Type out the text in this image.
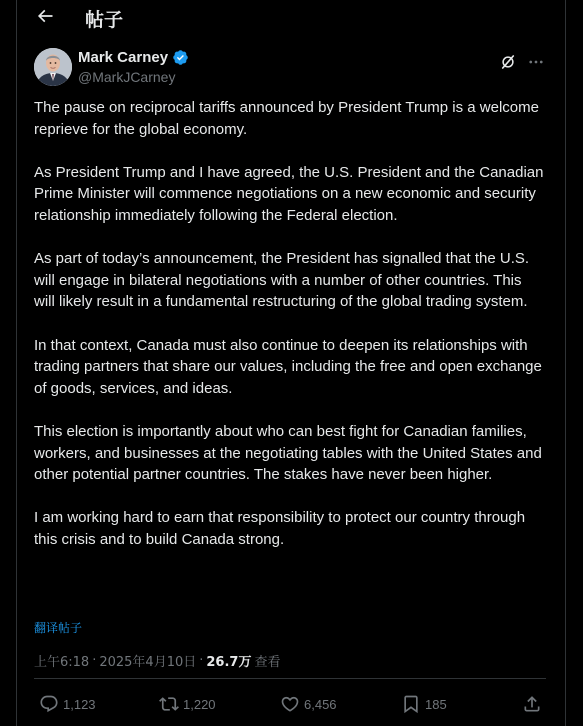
帖子
Mark Carney
@MarkJCarney

The pause on reciprocal tariffs announced by President Trump is a welcome reprieve for the global economy.

As President Trump and I have agreed, the U.S. President and the Canadian Prime Minister will commence negotiations on a new economic and security relationship immediately following the Federal election.

As part of today’s announcement, the President has signalled that the U.S. will engage in bilateral negotiations with a number of other countries. This will likely result in a fundamental restructuring of the global trading system.

In that context, Canada must also continue to deepen its relationships with trading partners that share our values, including the free and open exchange of goods, services, and ideas.

This election is importantly about who can best fight for Canadian families, workers, and businesses at the negotiating tables with the United States and other potential partner countries. The stakes have never been higher.

I am working hard to earn that responsibility to protect our country through this crisis and to build Canada strong.

翻译帖子
上午6:18 · 2025年4月10日 · 26.7万 查看
1,123	1,220	6,456	185
